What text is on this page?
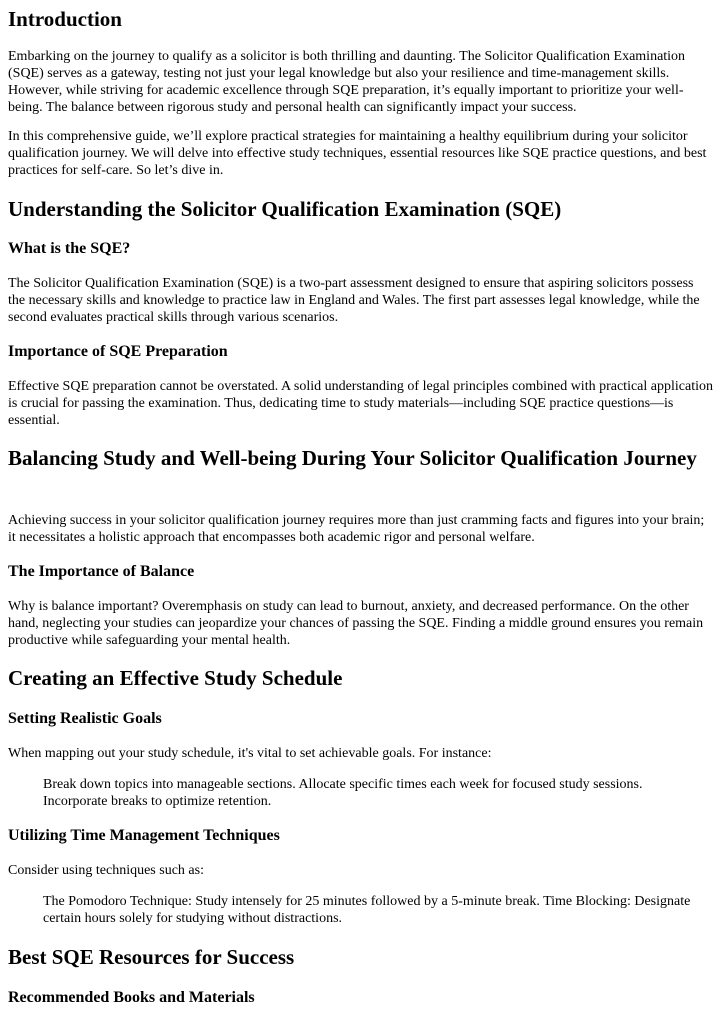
Introduction

Embarking on the journey to qualify as a solicitor is both thrilling and daunting. The Solicitor Qualification Examination (SQE) serves as a gateway, testing not just your legal knowledge but also your resilience and time-management skills. However, while striving for academic excellence through SQE preparation, it’s equally important to prioritize your well-being. The balance between rigorous study and personal health can significantly impact your success.

In this comprehensive guide, we’ll explore practical strategies for maintaining a healthy equilibrium during your solicitor qualification journey. We will delve into effective study techniques, essential resources like SQE practice questions, and best practices for self-care. So let’s dive in.

Understanding the Solicitor Qualification Examination (SQE)
What is the SQE?

The Solicitor Qualification Examination (SQE) is a two-part assessment designed to ensure that aspiring solicitors possess the necessary skills and knowledge to practice law in England and Wales. The first part assesses legal knowledge, while the second evaluates practical skills through various scenarios.

Importance of SQE Preparation

Effective SQE preparation cannot be overstated. A solid understanding of legal principles combined with practical application is crucial for passing the examination. Thus, dedicating time to study materials—including SQE practice questions—is essential.

Balancing Study and Well-being During Your Solicitor Qualification Journey

Achieving success in your solicitor qualification journey requires more than just cramming facts and figures into your brain; it necessitates a holistic approach that encompasses both academic rigor and personal welfare.

The Importance of Balance

Why is balance important? Overemphasis on study can lead to burnout, anxiety, and decreased performance. On the other hand, neglecting your studies can jeopardize your chances of passing the SQE. Finding a middle ground ensures you remain productive while safeguarding your mental health.

Creating an Effective Study Schedule
Setting Realistic Goals

When mapping out your study schedule, it's vital to set achievable goals. For instance:

Break down topics into manageable sections. Allocate specific times each week for focused study sessions. Incorporate breaks to optimize retention.

Utilizing Time Management Techniques

Consider using techniques such as:

The Pomodoro Technique: Study intensely for 25 minutes followed by a 5-minute break. Time Blocking: Designate certain hours solely for studying without distractions.

Best SQE Resources for Success
Recommended Books and Materials
